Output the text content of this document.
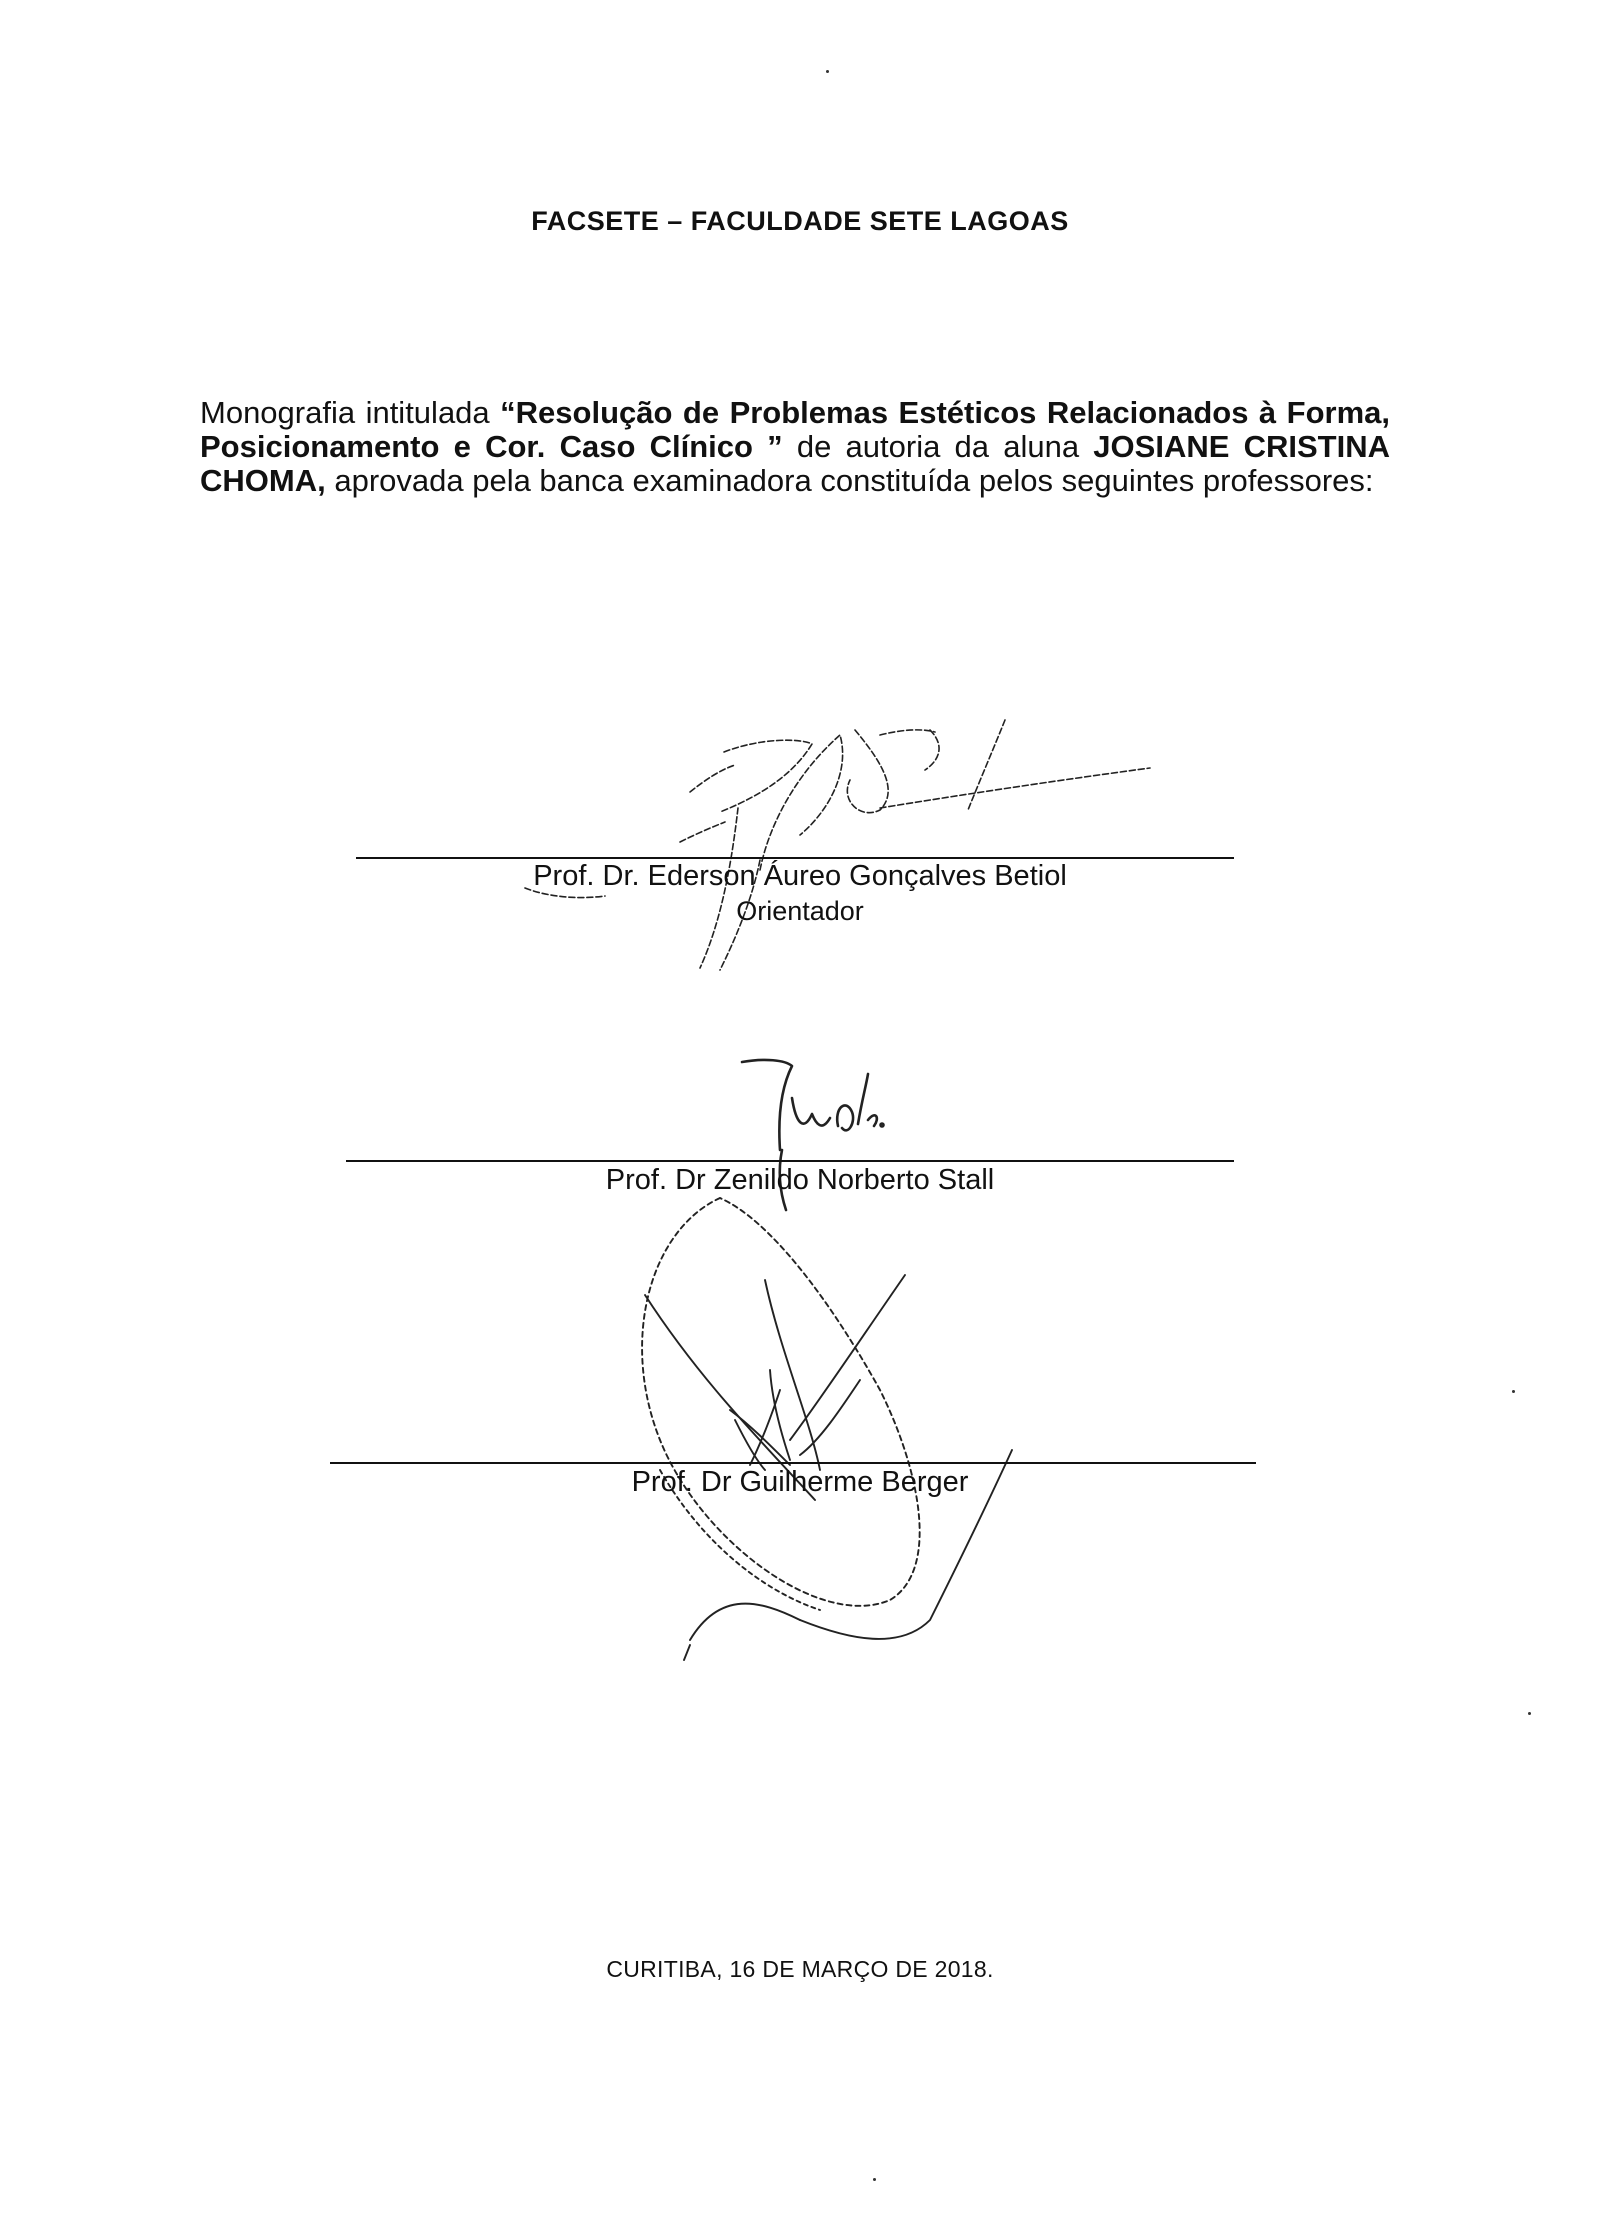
FACSETE – FACULDADE SETE LAGOAS
Monografia intitulada “Resolução de Problemas Estéticos Relacionados à Forma, Posicionamento e Cor. Caso Clínico ” de autoria da aluna JOSIANE CRISTINA CHOMA, aprovada pela banca examinadora constituída pelos seguintes professores:
Prof. Dr. Ederson Áureo Gonçalves Betiol
Orientador
Prof. Dr Zenildo Norberto Stall
Prof. Dr Guilherme Berger
CURITIBA, 16 DE MARÇO DE 2018.
